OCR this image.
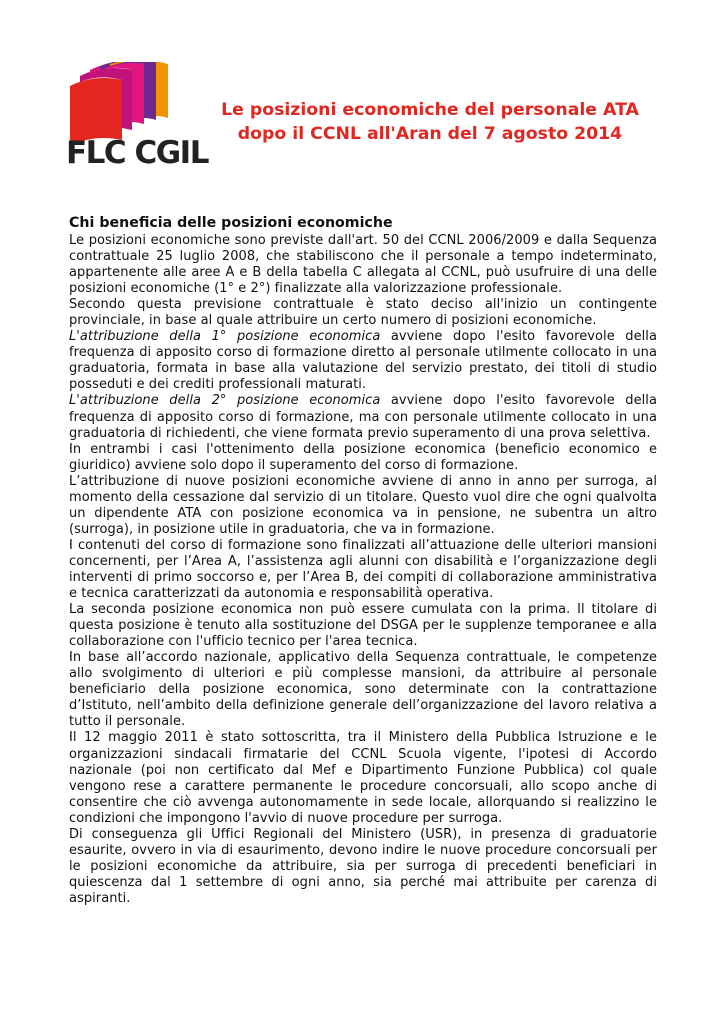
FLC CGIL
Le posizioni economiche del personale ATA
dopo il CCNL all'Aran del 7 agosto 2014
Chi beneficia delle posizioni economiche

Le posizioni economiche sono previste dall'art. 50 del CCNL 2006/2009 e dalla Sequenza contrattuale 25 luglio 2008, che stabiliscono che il personale a tempo indeterminato, appartenente alle aree A e B della tabella C allegata al CCNL, può usufruire di una delle posizioni economiche (1° e 2°) finalizzate alla valorizzazione professionale.

Secondo questa previsione contrattuale è stato deciso all'inizio un contingente provinciale, in base al quale attribuire un certo numero di posizioni economiche.

L'attribuzione della 1° posizione economica avviene dopo l'esito favorevole della frequenza di apposito corso di formazione diretto al personale utilmente collocato in una graduatoria, formata in base alla valutazione del servizio prestato, dei titoli di studio posseduti e dei crediti professionali maturati.

L'attribuzione della 2° posizione economica avviene dopo l'esito favorevole della frequenza di apposito corso di formazione, ma con personale utilmente collocato in una graduatoria di richiedenti, che viene formata previo superamento di una prova selettiva.

In entrambi i casi l'ottenimento della posizione economica (beneficio economico e giuridico) avviene solo dopo il superamento del corso di formazione.

L’attribuzione di nuove posizioni economiche avviene di anno in anno per surroga, al momento della cessazione dal servizio di un titolare. Questo vuol dire che ogni qualvolta un dipendente ATA con posizione economica va in pensione, ne subentra un altro (surroga), in posizione utile in graduatoria, che va in formazione.

I contenuti del corso di formazione sono finalizzati all’attuazione delle ulteriori mansioni concernenti, per l’Area A, l’assistenza agli alunni con disabilità e l’organizzazione degli interventi di primo soccorso e, per l’Area B, dei compiti di collaborazione amministrativa e tecnica caratterizzati da autonomia e responsabilità operativa.

La seconda posizione economica non può essere cumulata con la prima. Il titolare di questa posizione è tenuto alla sostituzione del DSGA per le supplenze temporanee e alla collaborazione con l'ufficio tecnico per l'area tecnica.

In base all’accordo nazionale, applicativo della Sequenza contrattuale, le competenze allo svolgimento di ulteriori e più complesse mansioni, da attribuire al personale beneficiario della posizione economica, sono determinate con la contrattazione d’Istituto, nell’ambito della definizione generale dell’organizzazione del lavoro relativa a tutto il personale.

Il 12 maggio 2011 è stato sottoscritta, tra il Ministero della Pubblica Istruzione e le organizzazioni sindacali firmatarie del CCNL Scuola vigente, l'ipotesi di Accordo nazionale (poi non certificato dal Mef e Dipartimento Funzione Pubblica) col quale vengono rese a carattere permanente le procedure concorsuali, allo scopo anche di consentire che ciò avvenga autonomamente in sede locale, allorquando si realizzino le condizioni che impongono l'avvio di nuove procedure per surroga.

Di conseguenza gli Uffici Regionali del Ministero (USR), in presenza di graduatorie esaurite, ovvero in via di esaurimento, devono indire le nuove procedure concorsuali per le posizioni economiche da attribuire, sia per surroga di precedenti beneficiari in quiescenza dal 1 settembre di ogni anno, sia perché mai attribuite per carenza di aspiranti.
